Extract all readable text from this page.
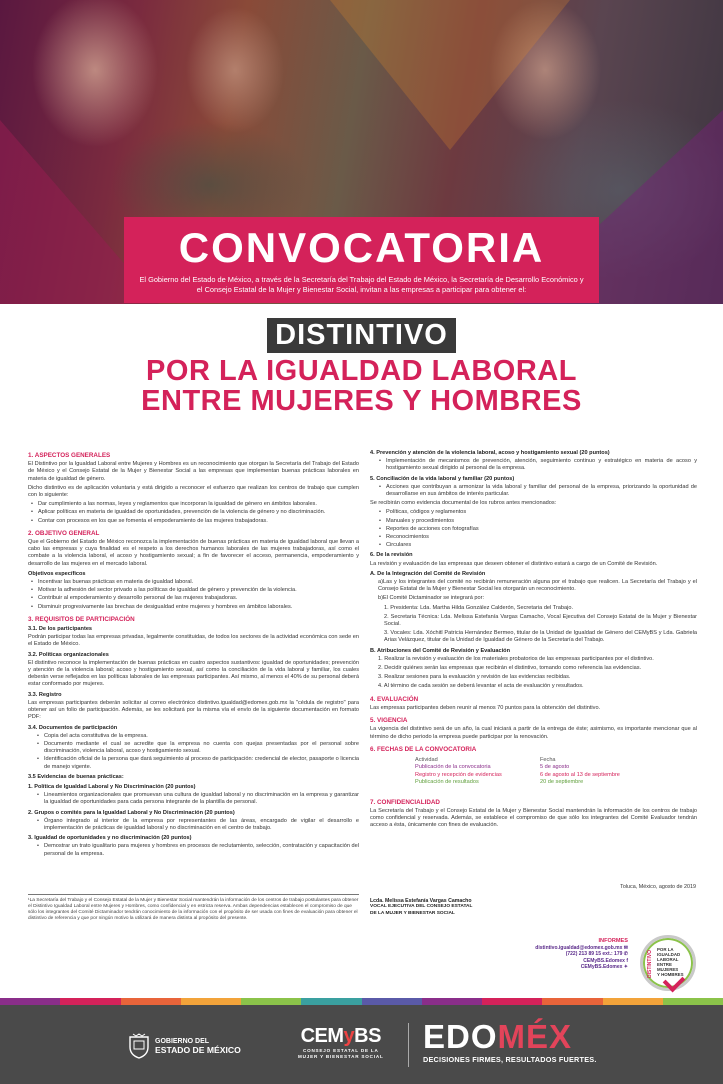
CONVOCATORIA

El Gobierno del Estado de México, a través de la Secretaría del Trabajo del Estado de México, la Secretaría de Desarrollo Económico y el Consejo Estatal de la Mujer y Bienestar Social, invitan a las empresas a participar para obtener el:

DISTINTIVO
POR LA IGUALDAD LABORAL
ENTRE MUJERES Y HOMBRES
1. ASPECTOS GENERALES

El Distintivo por la Igualdad Laboral entre Mujeres y Hombres es un reconocimiento que otorgan la Secretaría del Trabajo del Estado de México y el Consejo Estatal de la Mujer y Bienestar Social a las empresas que implementan buenas prácticas laborales en materia de igualdad de género.

Dicho distintivo es de aplicación voluntaria y está dirigido a reconocer el esfuerzo que realizan los centros de trabajo que cumplen con lo siguiente:

• Dar cumplimiento a las normas, leyes y reglamentos que incorporan la igualdad de género en ámbitos laborales.
• Aplicar políticas en materia de igualdad de oportunidades, prevención de la violencia de género y no discriminación.
• Contar con procesos en los que se fomenta el empoderamiento de las mujeres trabajadoras.
2. OBJETIVO GENERAL

Que el Gobierno del Estado de México reconozca la implementación de buenas prácticas en materia de igualdad laboral que llevan a cabo las empresas y cuya finalidad es el respeto a los derechos humanos laborales de las mujeres trabajadoras, así como el combate a la violencia laboral, el acoso y hostigamiento sexual; a fin de favorecer el acceso, permanencia, empoderamiento y desarrollo de las mujeres en el mercado laboral.

Objetivos específicos
• Incentivar las buenas prácticas en materia de igualdad laboral.
• Motivar la adhesión del sector privado a las políticas de igualdad de género y prevención de la violencia.
• Contribuir al empoderamiento y desarrollo personal de las mujeres trabajadoras.
• Disminuir progresivamente las brechas de desigualdad entre mujeres y hombres en ámbitos laborales.
3. REQUISITOS DE PARTICIPACIÓN
3.1. De los participantes

Podrán participar todas las empresas privadas, legalmente constituidas, de todos los sectores de la actividad económica con sede en el Estado de México.

3.2. Políticas organizacionales

El distintivo reconoce la implementación de buenas prácticas en cuatro aspectos sustantivos: igualdad de oportunidades; prevención y atención de la violencia laboral; acoso y hostigamiento sexual, así como la conciliación de la vida laboral y familiar, los cuales deberán verse reflejados en las políticas laborales de las empresas participantes. Así mismo, al menos el 40% de su personal deberá estar conformado por mujeres.

3.3. Registro

Las empresas participantes deberán solicitar al correo electrónico distintivo.igualdad@edomex.gob.mx la "cédula de registro" para obtener así un folio de participación. Además, se les solicitará por la misma vía el envío de la siguiente documentación en formato PDF:

3.4. Documentos de participación
• Copia del acta constitutiva de la empresa.
• Documento mediante el cual se acredite que la empresa no cuenta con quejas presentadas por el personal sobre discriminación, violencia laboral, acoso y hostigamiento sexual.
• Identificación oficial de la persona que dará seguimiento al proceso de participación: credencial de elector, pasaporte o licencia de manejo vigente.
3.5 Evidencias de buenas prácticas:
1. Política de Igualdad Laboral y No Discriminación (20 puntos)
• Lineamientos organizacionales que promuevan una cultura de igualdad laboral y no discriminación en la empresa y garantizar la igualdad de oportunidades para cada persona integrante de la plantilla de personal.
2. Grupos o comités para la Igualdad Laboral y No Discriminación (20 puntos)
• Órgano integrado al interior de la empresa por representantes de las áreas, encargado de vigilar el desarrollo e implementación de prácticas de igualdad laboral y no discriminación en el centro de trabajo.
3. Igualdad de oportunidades y no discriminación (20 puntos)
• Demostrar un trato igualitario para mujeres y hombres en procesos de reclutamiento, selección, contratación y capacitación del personal de la empresa.
4. Prevención y atención de la violencia laboral, acoso y hostigamiento sexual (20 puntos)
• Implementación de mecanismos de prevención, atención, seguimiento continuo y estratégico en materia de acoso y hostigamiento sexual dirigido al personal de la empresa.
5. Conciliación de la vida laboral y familiar (20 puntos)
• Acciones que contribuyan a armonizar la vida laboral y familiar del personal de la empresa, priorizando la oportunidad de desarrollarse en sus ámbitos de interés particular.

Se recibirán como evidencia documental de los rubros antes mencionados:

• Políticas, códigos y reglamentos
• Manuales y procedimientos
• Reportes de acciones con fotografías
• Reconocimientos
• Circulares
6. De la revisión

La revisión y evaluación de las empresas que deseen obtener el distintivo estará a cargo de un Comité de Revisión.

A. De la Integración del Comité de Revisión

a)Las y los integrantes del comité no recibirán remuneración alguna por el trabajo que realicen. La Secretaría del Trabajo y el Consejo Estatal de la Mujer y Bienestar Social les otorgarán un reconocimiento.

b)El Comité Dictaminador se integrará por:

1. Presidenta: Lda. Martha Hilda González Calderón, Secretaria del Trabajo.

2. Secretaria Técnica: Lda. Melissa Estefanía Vargas Camacho, Vocal Ejecutiva del Consejo Estatal de la Mujer y Bienestar Social.

3. Vocales: Lda. Xóchitl Patricia Hernández Bermeo, titular de la Unidad de Igualdad de Género del CEMyBS y Lda. Gabriela Arias Velázquez, titular de la Unidad de Igualdad de Género de la Secretaría del Trabajo.

B. Atribuciones del Comité de Revisión y Evaluación

1. Realizar la revisión y evaluación de los materiales probatorios de las empresas participantes por el distintivo.

2. Decidir quiénes serán las empresas que recibirán el distintivo, tomando como referencia las evidencias.

3. Realizar sesiones para la evaluación y revisión de las evidencias recibidas.

4. Al término de cada sesión se deberá levantar el acta de evaluación y resultados.

4. EVALUACIÓN

Las empresas participantes deben reunir al menos 70 puntos para la obtención del distintivo.

5. VIGENCIA

La vigencia del distintivo será de un año, la cual iniciará a partir de la entrega de éste; asimismo, es importante mencionar que al término de dicho periodo la empresa puede participar por la renovación.

6. FECHAS DE LA CONVOCATORIA
Actividad	Fecha
Publicación de la convocatoria	5 de agosto
Registro y recepción de evidencias	6 de agosto al 13 de septiembre
Publicación de resultados	20 de septiembre
7. CONFIDENCIALIDAD

La Secretaría del Trabajo y el Consejo Estatal de la Mujer y Bienestar Social mantendrán la información de los centros de trabajo como confidencial y reservada. Además, se establece el compromiso de que sólo los integrantes del Comité Evaluador tendrán acceso a ésta, únicamente con fines de evaluación.

¹La Secretaría del Trabajo y el Consejo Estatal de la Mujer y Bienestar Social mantendrán la información de los centros de trabajo postulantes para obtener el Distintivo Igualdad Laboral entre Mujeres y Hombres, como confidencial y en estricta reserva. Ambas dependencias establecen el compromiso de que sólo los integrantes del Comité Dictaminador tendrán conocimiento de la información con el propósito de ser usada con fines de evaluación para obtener el distintivo de referencia y que por ningún motivo la utilizará de manera distinta al propósito del presente.
Toluca, México, agosto de 2019
Lcda. Melissa Estefanía Vargas Camacho
VOCAL EJECUTIVA DEL CONSEJO ESTATAL
DE LA MUJER Y BIENESTAR SOCIAL
INFORMES
distintivo.igualdad@edomex.gob.mx ✉
(722) 213 89 15 ext.: 179 ✆
CEMyBS.Edomex f
CEMyBS.Edomex ✦	DISTINTIVO
POR LA
IGUALDAD
LABORAL
ENTRE
MUJERES
Y HOMBRES
GOBIERNO DEL
ESTADO DE MÉXICO
CEMyBS
CONSEJO ESTATAL DE LA
MUJER Y BIENESTAR SOCIAL
EDOMÉX
DECISIONES FIRMES, RESULTADOS FUERTES.
